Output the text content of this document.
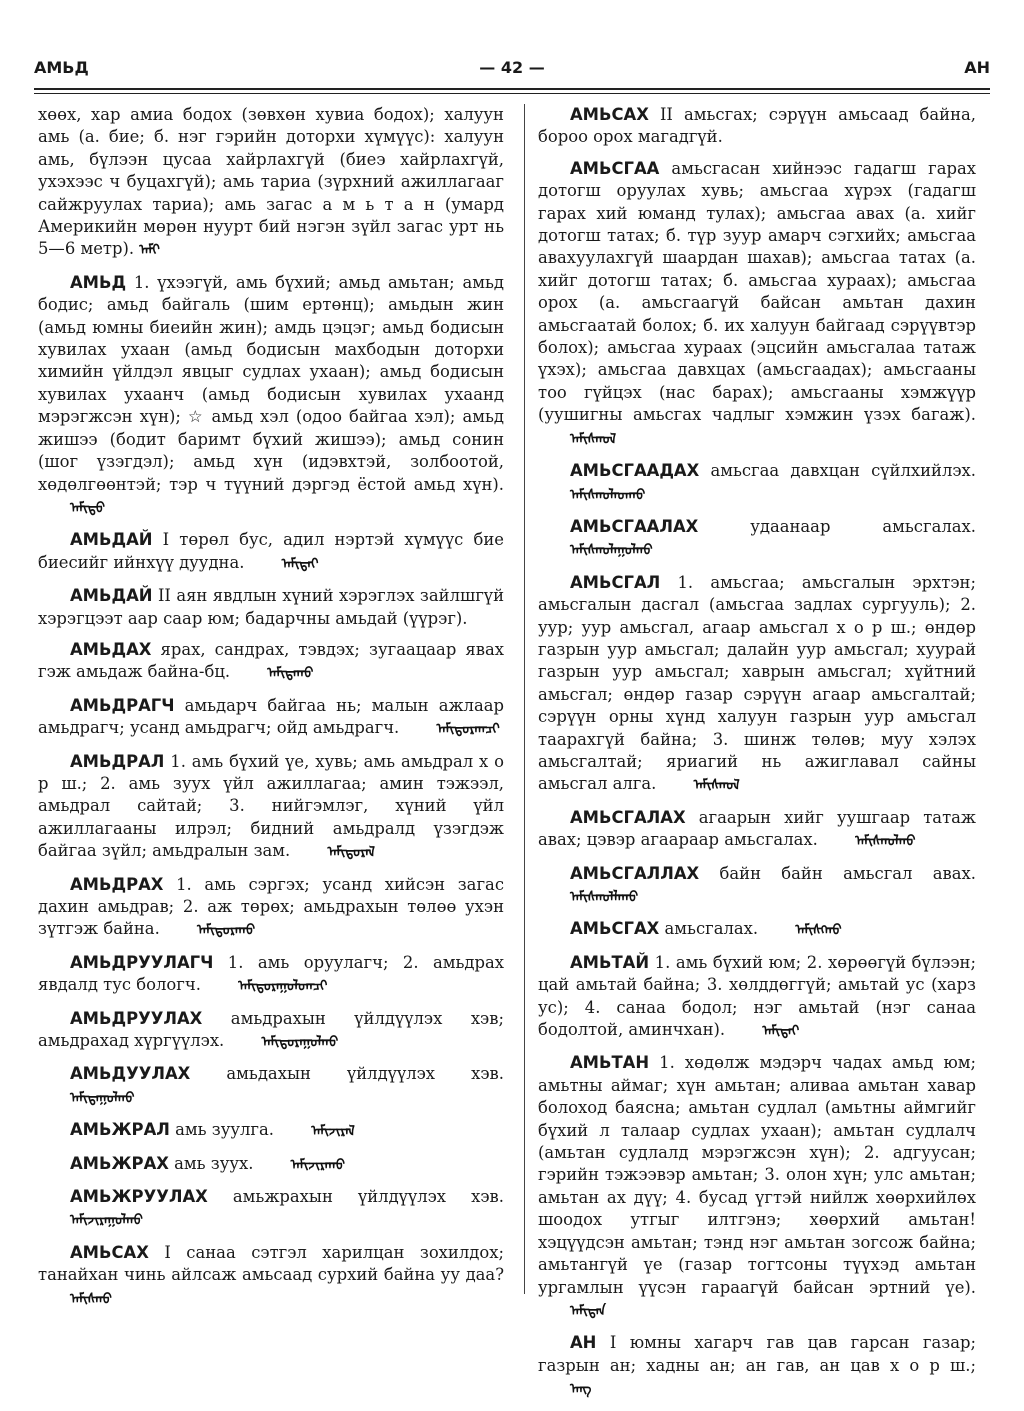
АМЬД	— 42 —	АН

хөөх, хар амиа бодох (зөвхөн хувиа бодох); халуун амь (а. бие; б. нэг гэрийн доторхи хүмүүс): халуун амь, бүлээн цусаа хайрлахгүй (биеэ хайрлахгүй, ухэхээс ч буцахгүй); амь тариа (зүрхний ажиллагааг сайжруулах тариа); амь загас а м ь т а н (умард Америкийн мөрөн нуурт бий нэгэн зүйл загас урт нь 5—6 метр). ᠠᠮᠢ

АМЬД 1. үхээгүй, амь бүхий; амьд амьтан; амьд бодис; амьд байгаль (шим ертөнц); амьдын жин (амьд юмны биеийн жин); амдь цэцэг; амьд бодисын хувилах ухаан (амьд бодисын махбодын доторхи химийн үйлдэл явцыг судлах ухаан); амьд бодисын хувилах ухаанч (амьд бодисын хувилах ухаанд мэрэгжсэн хүн); ☆ амьд хэл (одоо байгаа хэл); амьд жишээ (бодит баримт бүхий жишээ); амьд сонин (шог үзэгдэл); амьд хүн (идэвхтэй, золбоотой, хөдөлгөөнтэй; тэр ч түүний дэргэд ёстой амьд хүн). ᠠᠮᠢᠳᠤ

АМЬДАЙ I төрөл бус, адил нэртэй хүмүүс бие биесийг ийнхүү дуудна.	ᠠᠮᠢᠳᠠᠢ

АМЬДАЙ II аян явдлын хүний хэрэглэх зайлшгүй хэрэгцээт аар саар юм; бадарчны амьдай (үүрэг).

АМЬДАХ ярах, сандрах, тэвдэх; зугаацаар явах гэж амьдаж байна-бц.	ᠠᠮᠢᠳᠠᠬᠤ

АМЬДРАГЧ амьдарч байгаа нь; малын ажлаар амьдрагч; усанд амьдрагч; ойд амьдрагч.	ᠠᠮᠢᠳᠤᠷᠠᠭᠴᠢ

АМЬДРАЛ 1. амь бүхий үе, хувь; амь амьдрал х о р ш.; 2. амь зуух үйл ажиллагаа; амин тэжээл, амьдрал сайтай; 3. нийгэмлэг, хүний үйл ажиллагааны илрэл; бидний амьдралд үзэгдэж байгаа зүйл; амьдралын зам.	ᠠᠮᠢᠳᠤᠷᠠᠯ

АМЬДРАХ 1. амь сэргэх; усанд хийсэн загас дахин амьдрав; 2. аж төрөх; амьдрахын төлөө ухэн зүтгэж байна.	ᠠᠮᠢᠳᠤᠷᠠᠬᠤ

АМЬДРУУЛАГЧ 1. амь оруулагч; 2. амьдрах явдалд тус бологч.	ᠠᠮᠢᠳᠤᠷᠠᠭᠤᠯᠤᠭᠴᠢ

АМЬДРУУЛАХ амьдрахын үйлдүүлэх хэв; амьдрахад хүргүүлэх.	ᠠᠮᠢᠳᠤᠷᠠᠭᠤᠯᠬᠤ

АМЬДУУЛАХ амьдахын үйлдүүлэх хэв. ᠠᠮᠢᠳᠠᠭᠤᠯᠬᠤ

АМЬЖРАЛ амь зуулга.	ᠠᠮᠢᠵᠢᠷᠠᠯ

АМЬЖРАХ амь зуух.	ᠠᠮᠢᠵᠢᠷᠠᠬᠤ

АМЬЖРУУЛАХ амьжрахын үйлдүүлэх хэв. ᠠᠮᠢᠵᠢᠷᠠᠭᠤᠯᠬᠤ

АМЬСАХ I санаа сэтгэл харилцан зохилдох; танайхан чинь айлсаж амьсаад сурхий байна уу даа? ᠠᠮᠢᠰᠬᠤ

АМЬСАХ II амьсгах; сэрүүн амьсаад байна, бороо орох магадгүй.

АМЬСГАА амьсгасан хийнээс гадагш гарах дотогш оруулах хувь; амьсгаа хүрэх (гадагш гарах хий юманд тулах); амьсгаа авах (а. хийг дотогш татах; б. түр зуур амарч сэгхийх; амьсгаа авахуулахгүй шаардан шахав); амьсгаа татах (а. хийг дотогш татах; б. амьсгаа хураах); амьсгаа орох (а. амьсгаагүй байсан амьтан дахин амьсгаатай болох; б. их халуун байгаад сэрүүвтэр болох); амьсгаа хураах (эцсийн амьсгалаа татаж үхэх); амьсгаа давхцах (амьсгаадах); амьсгааны тоо гүйцэх (нас барах); амьсгааны хэмжүүр (уушигны амьсгах чадлыг хэмжин үзэх багаж). ᠠᠮᠢᠰᠭᠤᠯ

АМЬСГААДАХ амьсгаа давхцан сүйлхийлэх. ᠠᠮᠢᠰᠬᠤᠯᠠᠳᠬᠤ

АМЬСГААЛАХ	удаанаар амьсгалах. ᠠᠮᠢᠰᠬᠤᠯᠠᠭᠤᠯᠬᠤ

АМЬСГАЛ 1. амьсгаа; амьсгалын эрхтэн; амьсгалын дасгал (амьсгаа задлах сургууль); 2. уур; уур амьсгал, агаар амьсгал х о р ш.; өндөр газрын уур амьсгал; далайн уур амьсгал; хуурай газрын уур амьсгал; хаврын амьсгал; хүйтний амьсгал; өндөр газар сэрүүн агаар амьсгалтай; сэрүүн орны хүнд халуун газрын уур амьсгал таарахгүй байна; 3. шинж төлөв; муу хэлэх амьсгалтай; яриагий нь ажиглавал сайны амьсгал алга.	ᠠᠮᠢᠰᠬᠤᠯ

АМЬСГАЛАХ агаарын хийг уушгаар татаж авах; цэвэр агаараар амьсгалах.	ᠠᠮᠢᠰᠬᠤᠯᠬᠤ

АМЬСГАЛЛАХ байн байн амьсгал авах. ᠠᠮᠢᠰᠬᠤᠯᠯᠠᠬᠤ

АМЬСГАХ амьсгалах.	ᠠᠮᠢᠰᠬᠬᠤ

АМЬТАЙ 1. амь бүхий юм; 2. хөрөөгүй бүлээн; цай амьтай байна; 3. хөлддөггүй; амьтай ус (харз ус); 4. санаа бодол; нэг амьтай (нэг санаа бодолтой, аминчхан).	ᠠᠮᠢᠲᠠᠢ

АМЬТАН 1. хөдөлж мэдэрч чадах амьд юм; амьтны аймаг; хүн амьтан; аливаа амьтан хавар болоход баясна; амьтан судлал (амьтны аймгийг бүхий л талаар судлах ухаан); амьтан судлалч (амьтан судлалд мэрэгжсэн хүн); 2. адгуусан; гэрийн тэжээвэр амьтан; 3. олон хүн; улс амьтан; амьтан ах дүү; 4. бусад үгтэй нийлж хөөрхийлөх шоодох утгыг илтгэнэ; хөөрхий амьтан! хэцүүдсэн амьтан; тэнд нэг амьтан зогсож байна; амьтангүй үе (газар тогтсоны түүхэд амьтан ургамлын үүсэн гараагүй байсан эртний үе). ᠠᠮᠢᠲᠠᠨ

АН I юмны хагарч гав цав гарсан газар; газрын ан; хадны ан; ан гав, ан цав х о р ш.; ᠠᠩ
